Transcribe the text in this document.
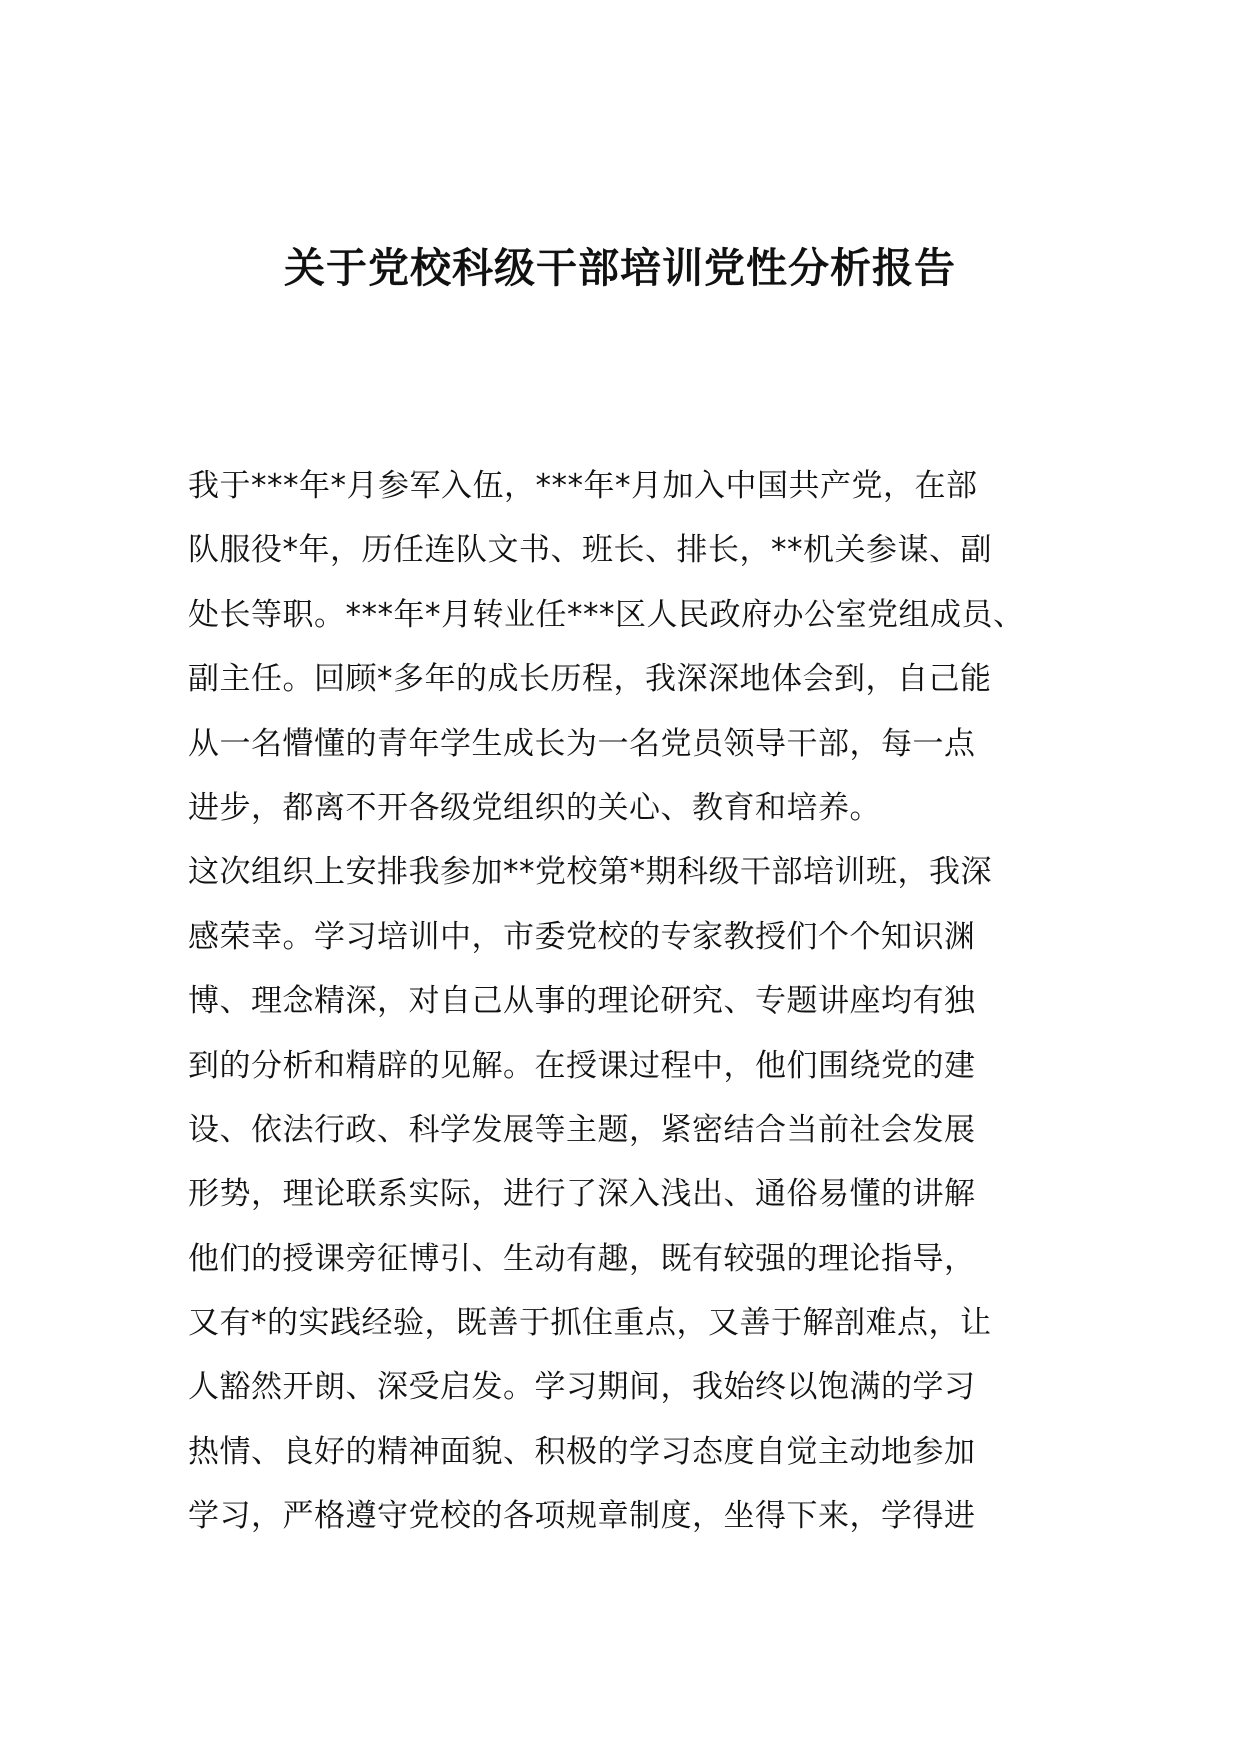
关于党校科级干部培训党性分析报告
我于***年*月参军入伍，***年*月加入中国共产党，在部
队服役*年，历任连队文书、班长、排长，**机关参谋、副
处长等职。***年*月转业任***区人民政府办公室党组成员、
副主任。回顾*多年的成长历程，我深深地体会到，自己能
从一名懵懂的青年学生成长为一名党员领导干部，每一点
进步，都离不开各级党组织的关心、教育和培养。
这次组织上安排我参加**党校第*期科级干部培训班，我深
感荣幸。学习培训中，市委党校的专家教授们个个知识渊
博、理念精深，对自己从事的理论研究、专题讲座均有独
到的分析和精辟的见解。在授课过程中，他们围绕党的建
设、依法行政、科学发展等主题，紧密结合当前社会发展
形势，理论联系实际，进行了深入浅出、通俗易懂的讲解
他们的授课旁征博引、生动有趣，既有较强的理论指导，
又有*的实践经验，既善于抓住重点，又善于解剖难点，让
人豁然开朗、深受启发。学习期间，我始终以饱满的学习
热情、良好的精神面貌、积极的学习态度自觉主动地参加
学习，严格遵守党校的各项规章制度，坐得下来，学得进
